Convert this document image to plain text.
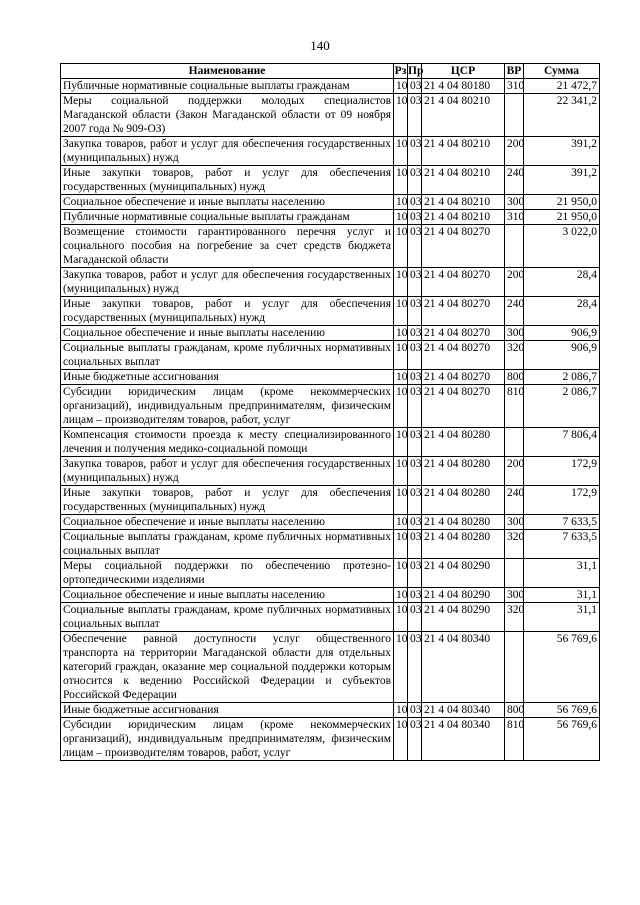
140
Наименование	Рз	Пр	ЦСР	ВР	Сумма
Публичные нормативные социальные выплаты гражданам	10	03	21 4 04 80180	310	21 472,7
Меры социальной поддержки молодых специалистов Магаданской области (Закон Магаданской области от 09 ноября 2007 года № 909-ОЗ)	10	03	21 4 04 80210		22 341,2
Закупка товаров, работ и услуг для обеспечения государственных (муниципальных) нужд	10	03	21 4 04 80210	200	391,2
Иные закупки товаров, работ и услуг для обеспечения государственных (муниципальных) нужд	10	03	21 4 04 80210	240	391,2
Социальное обеспечение и иные выплаты населению	10	03	21 4 04 80210	300	21 950,0
Публичные нормативные социальные выплаты гражданам	10	03	21 4 04 80210	310	21 950,0
Возмещение стоимости гарантированного перечня услуг и социального пособия на погребение за счет средств бюджета Магаданской области	10	03	21 4 04 80270		3 022,0
Закупка товаров, работ и услуг для обеспечения государственных (муниципальных) нужд	10	03	21 4 04 80270	200	28,4
Иные закупки товаров, работ и услуг для обеспечения государственных (муниципальных) нужд	10	03	21 4 04 80270	240	28,4
Социальное обеспечение и иные выплаты населению	10	03	21 4 04 80270	300	906,9
Социальные выплаты гражданам, кроме публичных нормативных социальных выплат	10	03	21 4 04 80270	320	906,9
Иные бюджетные ассигнования	10	03	21 4 04 80270	800	2 086,7
Субсидии юридическим лицам (кроме некоммерческих организаций), индивидуальным предпринимателям, физическим лицам – производителям товаров, работ, услуг	10	03	21 4 04 80270	810	2 086,7
Компенсация стоимости проезда к месту специализированного лечения и получения медико-социальной помощи	10	03	21 4 04 80280		7 806,4
Закупка товаров, работ и услуг для обеспечения государственных (муниципальных) нужд	10	03	21 4 04 80280	200	172,9
Иные закупки товаров, работ и услуг для обеспечения государственных (муниципальных) нужд	10	03	21 4 04 80280	240	172,9
Социальное обеспечение и иные выплаты населению	10	03	21 4 04 80280	300	7 633,5
Социальные выплаты гражданам, кроме публичных нормативных социальных выплат	10	03	21 4 04 80280	320	7 633,5
Меры социальной поддержки по обеспечению протезно-ортопедическими изделиями	10	03	21 4 04 80290		31,1
Социальное обеспечение и иные выплаты населению	10	03	21 4 04 80290	300	31,1
Социальные выплаты гражданам, кроме публичных нормативных социальных выплат	10	03	21 4 04 80290	320	31,1
Обеспечение равной доступности услуг общественного транспорта на территории Магаданской области для отдельных категорий граждан, оказание мер социальной поддержки которым относится к ведению Российской Федерации и субъектов Российской Федерации	10	03	21 4 04 80340		56 769,6
Иные бюджетные ассигнования	10	03	21 4 04 80340	800	56 769,6
Субсидии юридическим лицам (кроме некоммерческих организаций), индивидуальным предпринимателям, физическим лицам – производителям товаров, работ, услуг	10	03	21 4 04 80340	810	56 769,6
